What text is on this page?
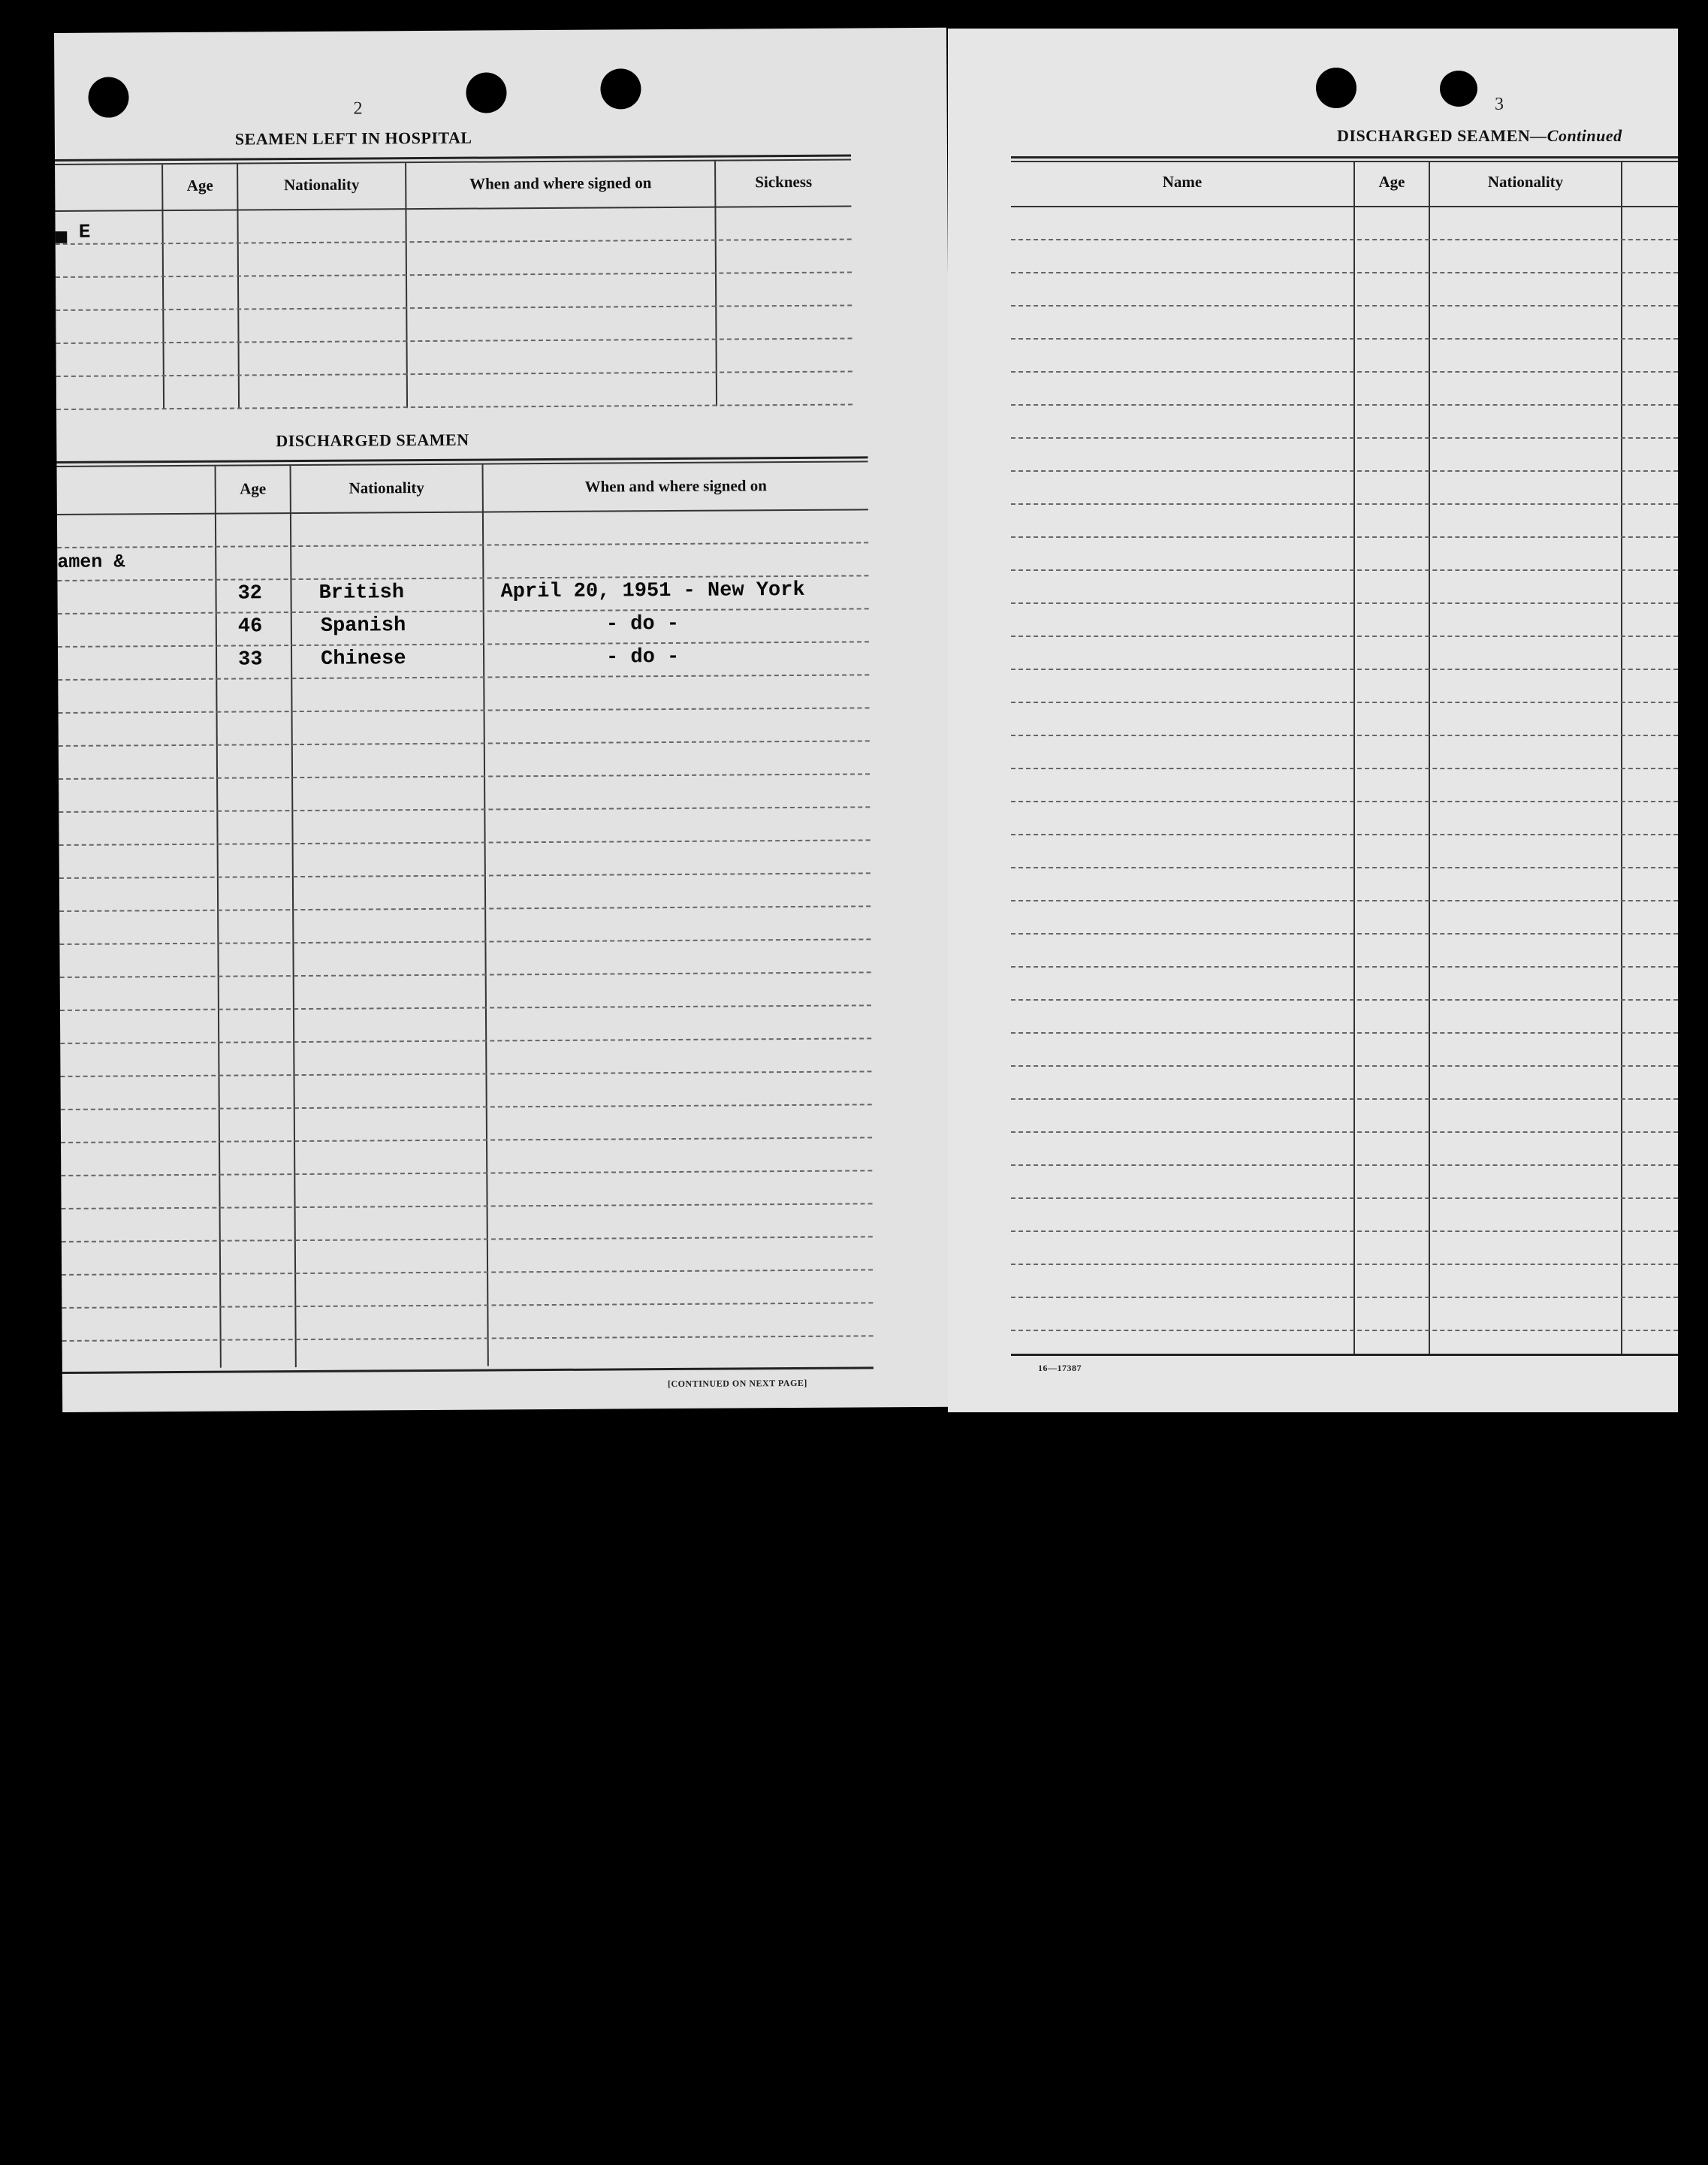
2
SEAMEN LEFT IN HOSPITAL
Age	Nationality	When and where signed on	Sickness
▄ E
DISCHARGED SEAMEN
Age	Nationality	When and where signed on
amen &
32	British	April 20, 1951 - New York
46	Spanish	- do -
33	Chinese	- do -
[CONTINUED ON NEXT PAGE]
3
DISCHARGED SEAMEN—Continued
Name	Age	Nationality
16—17387
